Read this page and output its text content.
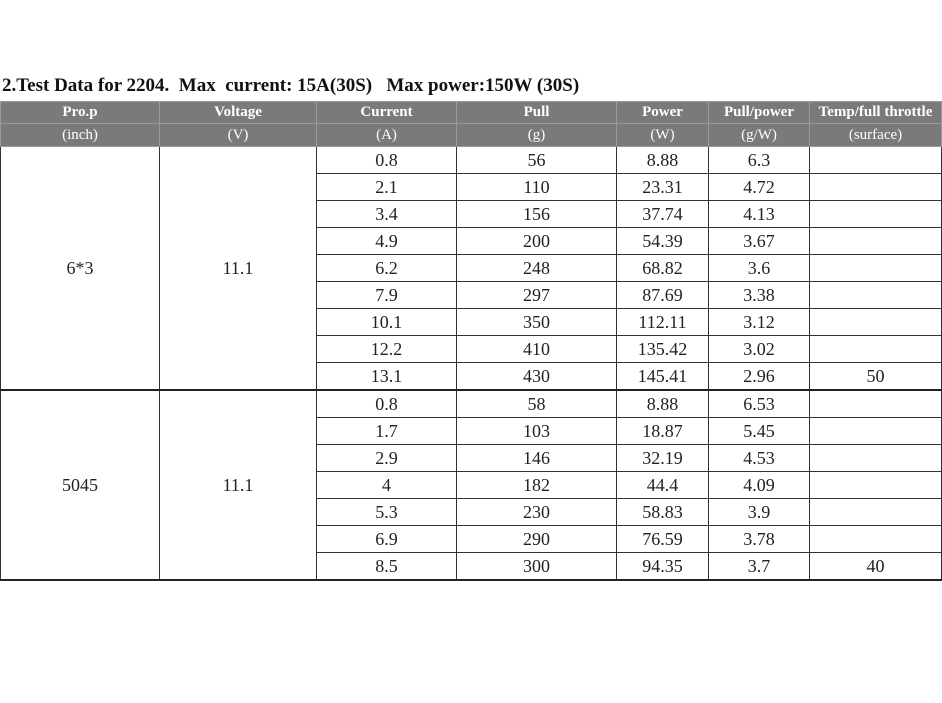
2.Test Data for 2204.  Max  current: 15A(30S)   Max power:150W (30S)
Pro.p	Voltage	Current	Pull	Power	Pull/power	Temp/full throttle
(inch)	(V)	(A)	(g)	(W)	(g/W)	(surface)
6*3	11.1	0.8	56	8.88	6.3	
		2.1	110	23.31	4.72	
		3.4	156	37.74	4.13	
		4.9	200	54.39	3.67	
		6.2	248	68.82	3.6	
		7.9	297	87.69	3.38	
		10.1	350	112.11	3.12	
		12.2	410	135.42	3.02	
		13.1	430	145.41	2.96	50
5045	11.1	0.8	58	8.88	6.53	
		1.7	103	18.87	5.45	
		2.9	146	32.19	4.53	
		4	182	44.4	4.09	
		5.3	230	58.83	3.9	
		6.9	290	76.59	3.78	
		8.5	300	94.35	3.7	40
